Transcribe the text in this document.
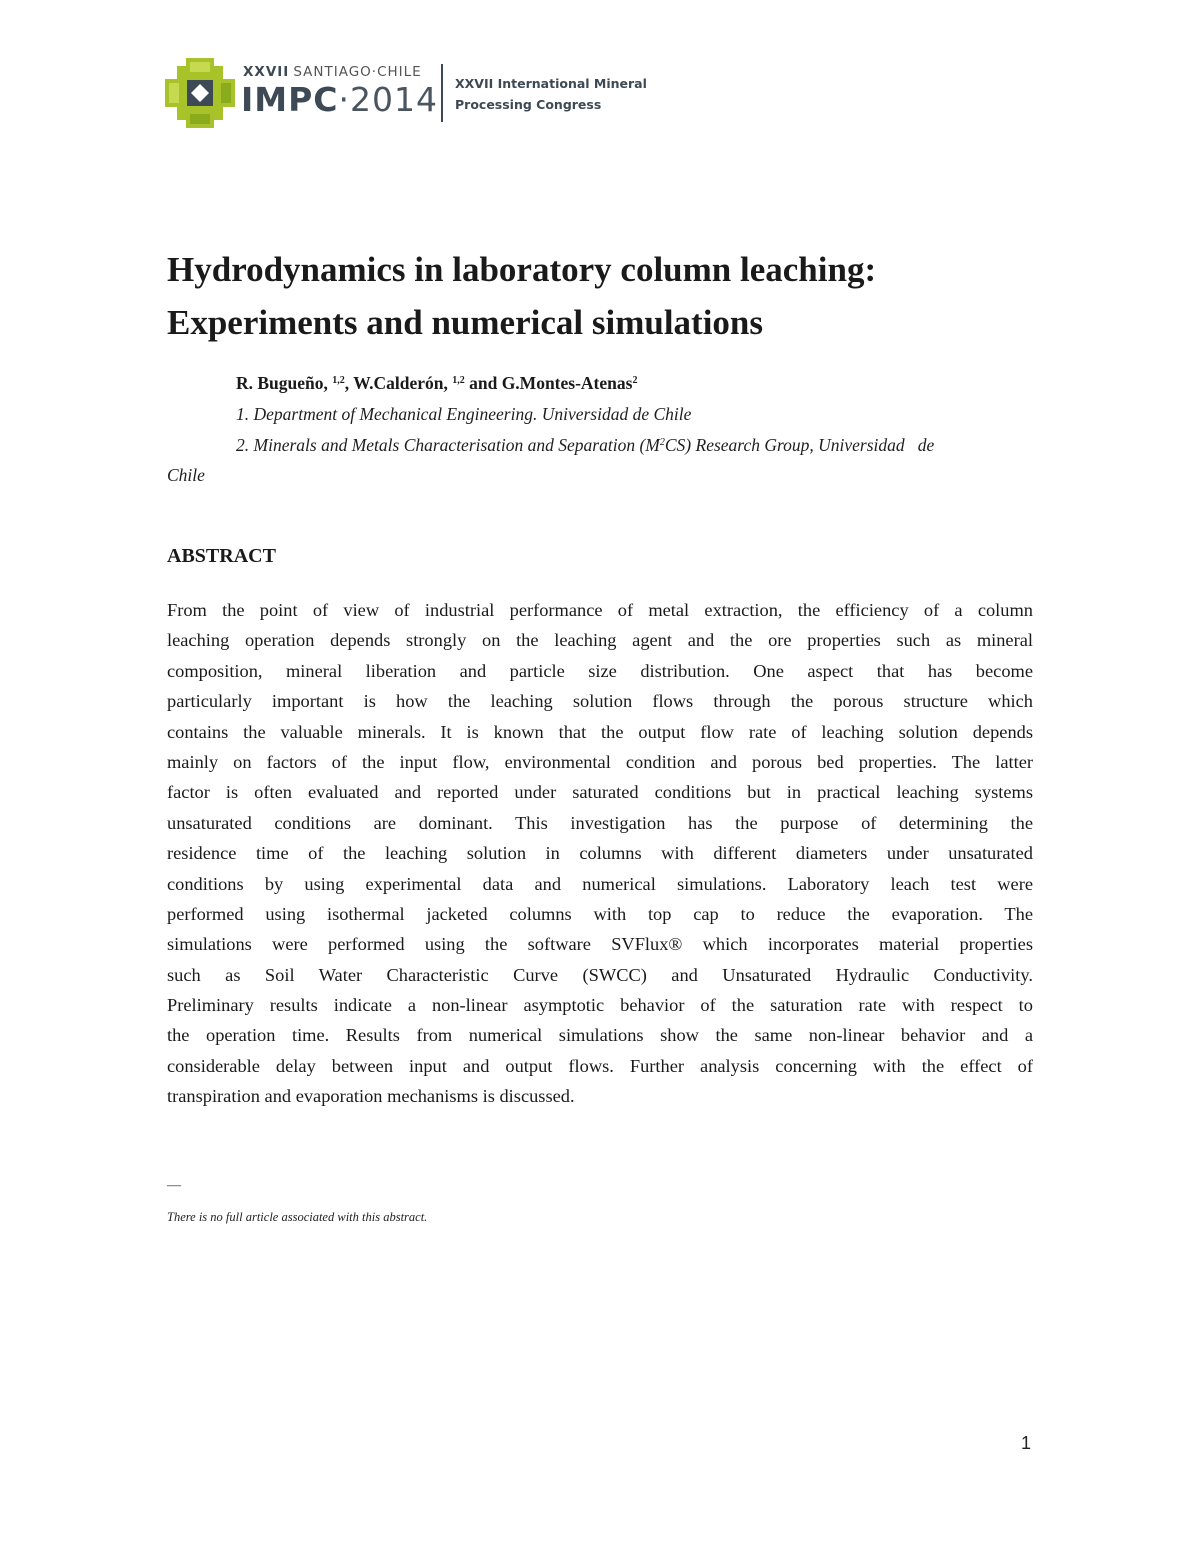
XXVII SANTIAGO·CHILE
IMPC·2014 XXVII International Mineral
Processing Congress
Hydrodynamics in laboratory column leaching:
Experiments and numerical simulations
R. Bugueño, $^{1,2}$, W.Calderón, $^{1,2}$ and G.Montes-Atenas$^2$
1. Department of Mechanical Engineering. Universidad de Chile
2. Minerals and Metals Characterisation and Separation $(M^2CS)$ Research Group, Universidad   de
Chile
ABSTRACT
From the point of view of industrial performance of metal extraction, the efficiency of a column
leaching operation depends strongly on the leaching agent and the ore properties such as mineral
composition, mineral liberation and particle size distribution. One aspect that has become
particularly important is how the leaching solution flows through the porous structure which
contains the valuable minerals. It is known that the output flow rate of leaching solution depends
mainly on factors of the input flow, environmental condition and porous bed properties. The latter
factor is often evaluated and reported under saturated conditions but in practical leaching systems
unsaturated conditions are dominant. This investigation has the purpose of determining the
residence time of the leaching solution in columns with different diameters under unsaturated
conditions by using experimental data and numerical simulations. Laboratory leach test were
performed using isothermal jacketed columns with top cap to reduce the evaporation. The
simulations were performed using the software SVFlux® which incorporates material properties
such as Soil Water Characteristic Curve (SWCC) and Unsaturated Hydraulic Conductivity.
Preliminary results indicate a non-linear asymptotic behavior of the saturation rate with respect to
the operation time. Results from numerical simulations show the same non-linear behavior and a
considerable delay between input and output flows. Further analysis concerning with the effect of
transpiration and evaporation mechanisms is discussed.
—
There is no full article associated with this abstract.
1
